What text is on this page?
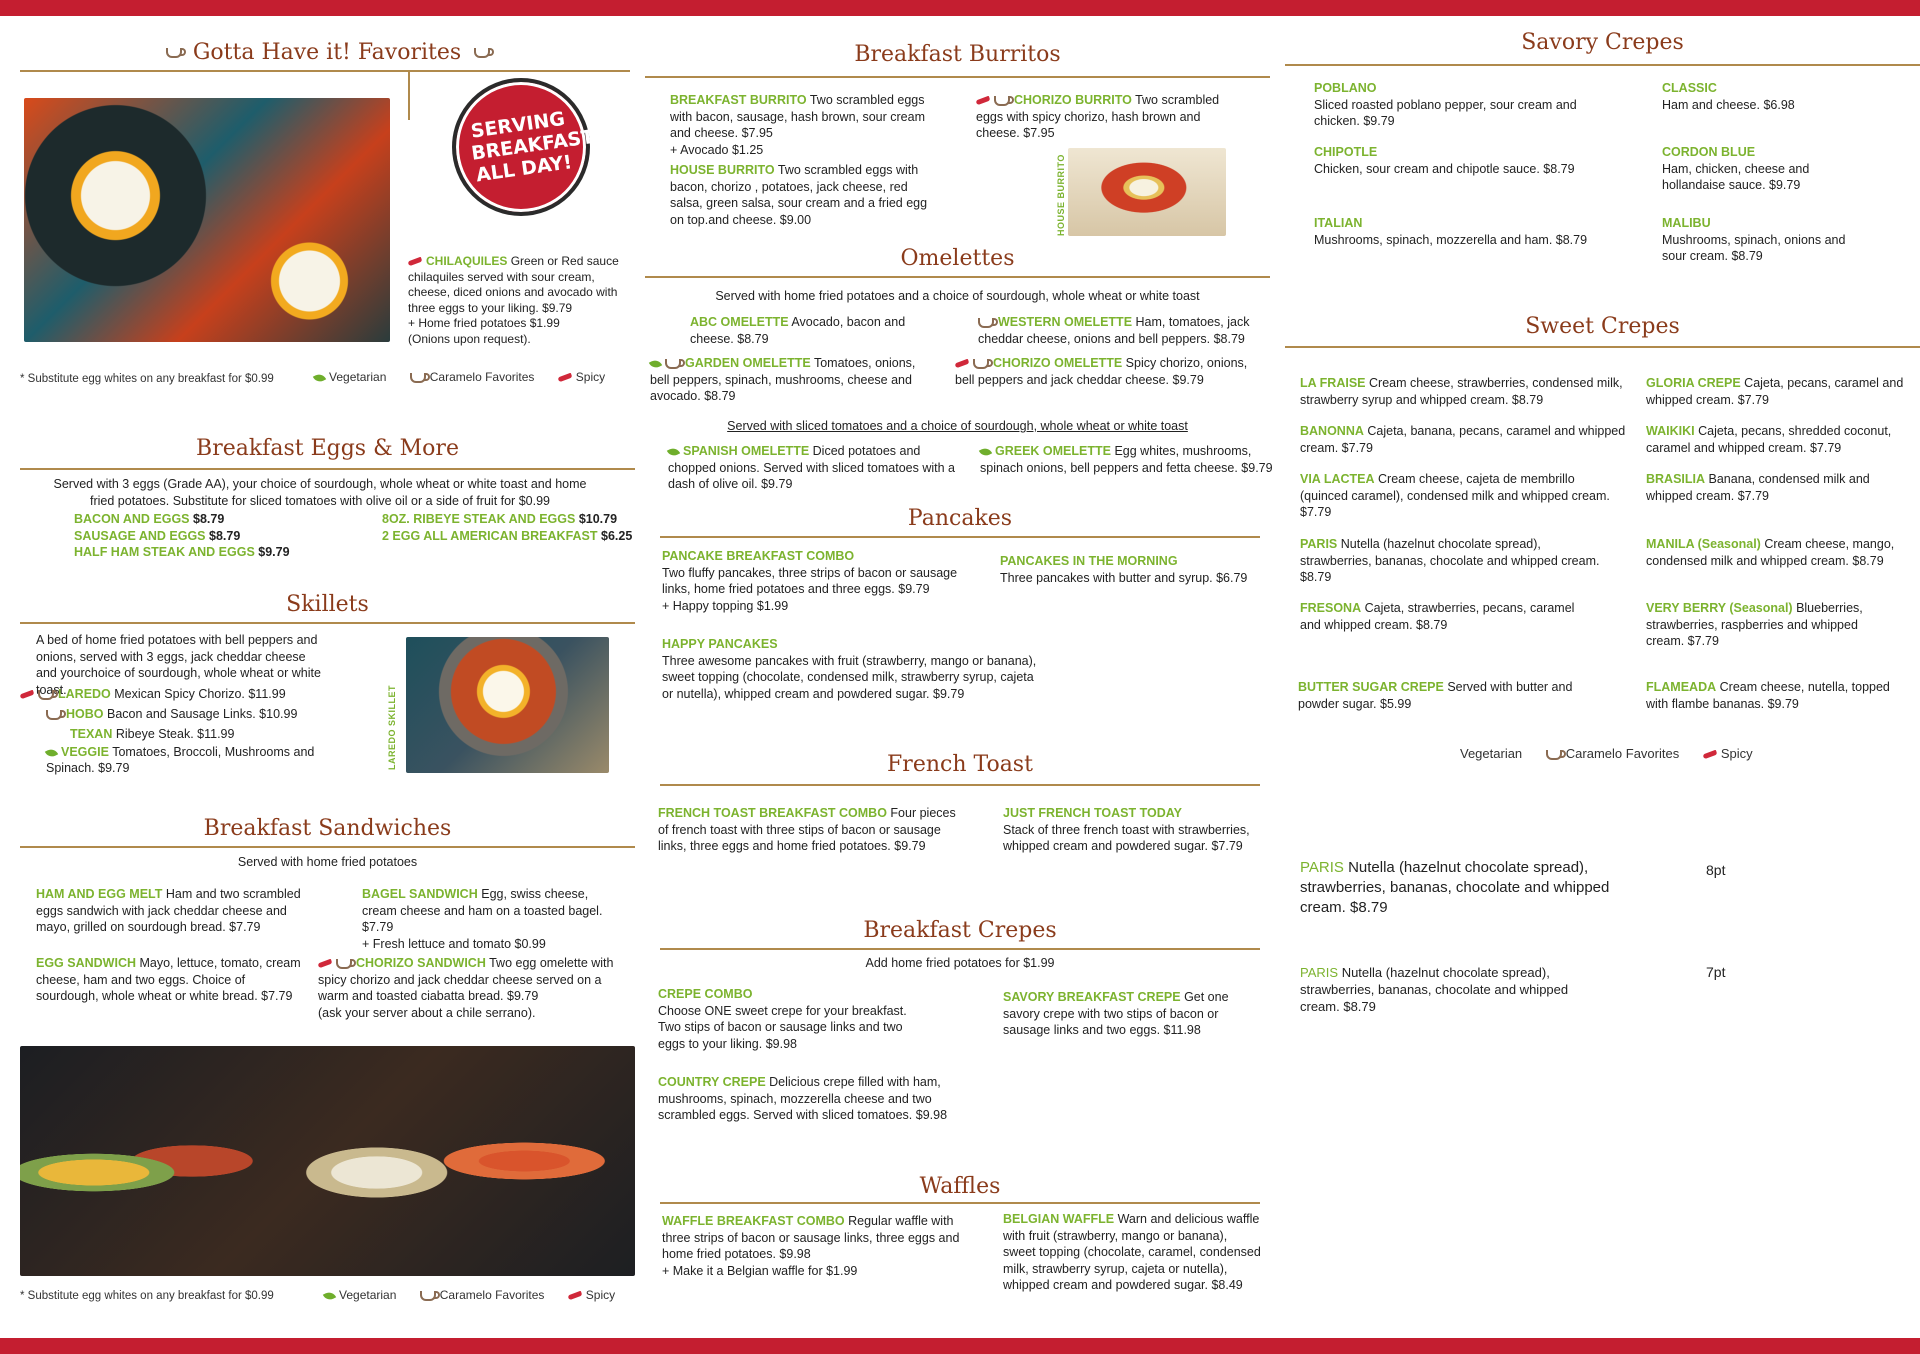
Gotta Have it! Favorites
SERVING BREAKFAST ALL DAY!
CHILAQUILES Green or Red sauce chilaquiles served with sour cream, cheese, diced onions and avocado with three eggs to your liking. $9.79
+ Home fried potatoes $1.99
(Onions upon request).
* Substitute egg whites on any breakfast for $0.99	Vegetarian	Caramelo Favorites	Spicy
Breakfast Eggs & More
Served with 3 eggs (Grade AA), your choice of sourdough, whole wheat or white toast and home fried potatoes. Substitute for sliced tomatoes with olive oil or a side of fruit for $0.99
BACON AND EGGS $8.79
SAUSAGE AND EGGS $8.79
HALF HAM STEAK AND EGGS $9.79
8OZ. RIBEYE STEAK AND EGGS $10.79
2 EGG ALL AMERICAN BREAKFAST $6.25
Skillets
A bed of home fried potatoes with bell peppers and onions, served with 3 eggs, jack cheddar cheese and yourchoice of sourdough, whole wheat or white toast.
LAREDO Mexican Spicy Chorizo. $11.99
HOBO Bacon and Sausage Links. $10.99
TEXAN Ribeye Steak. $11.99
VEGGIE Tomatoes, Broccoli, Mushrooms and Spinach. $9.79	LAREDO SKILLET
Breakfast Sandwiches
Served with home fried potatoes
HAM AND EGG MELT Ham and two scrambled eggs sandwich with jack cheddar cheese and mayo, grilled on sourdough bread. $7.79
BAGEL SANDWICH Egg, swiss cheese, cream cheese and ham on a toasted bagel. $7.79
+ Fresh lettuce and tomato $0.99
EGG SANDWICH Mayo, lettuce, tomato, cream cheese, ham and two eggs. Choice of sourdough, whole wheat or white bread. $7.79
CHORIZO SANDWICH Two egg omelette with spicy chorizo and jack cheddar cheese served on a warm and toasted ciabatta bread. $9.79
(ask your server about a chile serrano).
* Substitute egg whites on any breakfast for $0.99	Vegetarian	Caramelo Favorites	Spicy
Breakfast Burritos
BREAKFAST BURRITO Two scrambled eggs with bacon, sausage, hash brown, sour cream and cheese. $7.95
+ Avocado $1.25
HOUSE BURRITO Two scrambled eggs with bacon, chorizo , potatoes, jack cheese, red salsa, green salsa, sour cream and a fried egg on top.and cheese. $9.00
CHORIZO BURRITO Two scrambled eggs with spicy chorizo, hash brown and cheese. $7.95
HOUSE BURRITO
Omelettes
Served with home fried potatoes and a choice of sourdough, whole wheat or white toast
ABC OMELETTE Avocado, bacon and cheese. $8.79
WESTERN OMELETTE Ham, tomatoes, jack cheddar cheese, onions and bell peppers. $8.79
GARDEN OMELETTE Tomatoes, onions, bell peppers, spinach, mushrooms, cheese and avocado. $8.79
CHORIZO OMELETTE Spicy chorizo, onions, bell peppers and jack cheddar cheese. $9.79
Served with sliced tomatoes and a choice of sourdough, whole wheat or white toast
SPANISH OMELETTE Diced potatoes and chopped onions. Served with sliced tomatoes with a dash of olive oil. $9.79
GREEK OMELETTE Egg whites, mushrooms, spinach onions, bell peppers and fetta cheese. $9.79
Pancakes
PANCAKE BREAKFAST COMBO
Two fluffy pancakes, three strips of bacon or sausage links, home fried potatoes and three eggs. $9.79
+ Happy topping $1.99
PANCAKES IN THE MORNING
Three pancakes with butter and syrup. $6.79
HAPPY PANCAKES
Three awesome pancakes with fruit (strawberry, mango or banana), sweet topping (chocolate, condensed milk, strawberry syrup, cajeta or nutella), whipped cream and powdered sugar. $9.79
French Toast
FRENCH TOAST BREAKFAST COMBO Four pieces of french toast with three stips of bacon or sausage links, three eggs and home fried potatoes. $9.79
JUST FRENCH TOAST TODAY
Stack of three french toast with strawberries, whipped cream and powdered sugar. $7.79
Breakfast Crepes
Add home fried potatoes for $1.99
CREPE COMBO
Choose ONE sweet crepe for your breakfast. Two stips of bacon or sausage links and two eggs to your liking. $9.98
SAVORY BREAKFAST CREPE Get one savory crepe with two stips of bacon or sausage links and two eggs. $11.98
COUNTRY CREPE Delicious crepe filled with ham, mushrooms, spinach, mozzerella cheese and two scrambled eggs. Served with sliced tomatoes. $9.98
Waffles
WAFFLE BREAKFAST COMBO Regular waffle with three strips of bacon or sausage links, three eggs and home fried potatoes. $9.98
+ Make it a Belgian waffle for $1.99
BELGIAN WAFFLE Warn and delicious waffle with fruit (strawberry, mango or banana), sweet topping (chocolate, caramel, condensed milk, strawberry syrup, cajeta or nutella), whipped cream and powdered sugar. $8.49
Savory Crepes
POBLANO
Sliced roasted poblano pepper, sour cream and chicken. $9.79
CLASSIC
Ham and cheese. $6.98
CHIPOTLE
Chicken, sour cream and chipotle sauce. $8.79
CORDON BLUE
Ham, chicken, cheese and hollandaise sauce. $9.79
ITALIAN
Mushrooms, spinach, mozzerella and ham. $8.79
MALIBU
Mushrooms, spinach, onions and sour cream. $8.79
Sweet Crepes
LA FRAISE Cream cheese, strawberries, condensed milk, strawberry syrup and whipped cream. $8.79
GLORIA CREPE Cajeta, pecans, caramel and whipped cream. $7.79
BANONNA Cajeta, banana, pecans, caramel and whipped cream. $7.79
WAIKIKI Cajeta, pecans, shredded coconut, caramel and whipped cream. $7.79
VIA LACTEA Cream cheese, cajeta de membrillo (quinced caramel), condensed milk and whipped cream. $7.79
BRASILIA Banana, condensed milk and whipped cream. $7.79
PARIS Nutella (hazelnut chocolate spread), strawberries, bananas, chocolate and whipped cream. $8.79
MANILA (Seasonal) Cream cheese, mango, condensed milk and whipped cream. $8.79
FRESONA Cajeta, strawberries, pecans, caramel and whipped cream. $8.79
VERY BERRY (Seasonal) Blueberries, strawberries, raspberries and whipped cream. $7.79
BUTTER SUGAR CREPE Served with butter and powder sugar. $5.99
FLAMEADA Cream cheese, nutella, topped with flambe bananas. $9.79
Vegetarian	Caramelo Favorites	Spicy
PARIS Nutella (hazelnut chocolate spread), strawberries, bananas, chocolate and whipped cream. $8.79
8pt
PARIS Nutella (hazelnut chocolate spread), strawberries, bananas, chocolate and whipped cream. $8.79
7pt
